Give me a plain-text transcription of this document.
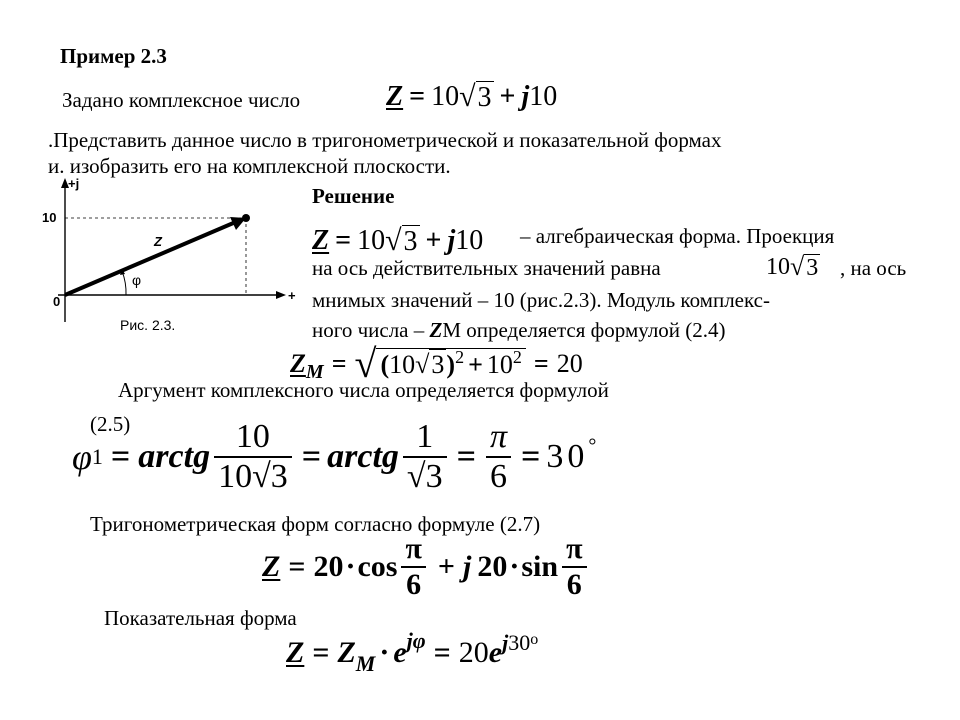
Пример 2.3
Задано комплексное число	Z = 10 √3 + j 10
.Представить данное число в тригонометрической и показательной формах
и. изобразить его на комплексной плоскости.
+j
+
10
0
Z
φ
Рис. 2.3.
Решение
Z = 10 √3 + j 10 – алгебраическая форма. Проекция
на ось действительных значений равна	10 √3 , на ось
мнимых значений – 10 (рис.2.3). Модуль комплекс-
ного числа – ZM определяется формулой (2.4)
Z M = √ ( 10 √3 ) 2 + 10 2 = 20
Аргумент комплексного числа определяется формулой
(2.5)
φ 1 = arctg $\frac{10}{10√3}$ = arctg $\frac{1}{√3} = \frac{\pi}{6} = 30$ °
Тригонометрическая форм согласно формуле (2.7)
$Z = 20 \cdot \cos \frac{\pi}{6} + j$ $20 \cdot \sin \frac{\pi}{6}$
Показательная форма
Z = Z M · e jφ = 20 e $^{j30^o}$
